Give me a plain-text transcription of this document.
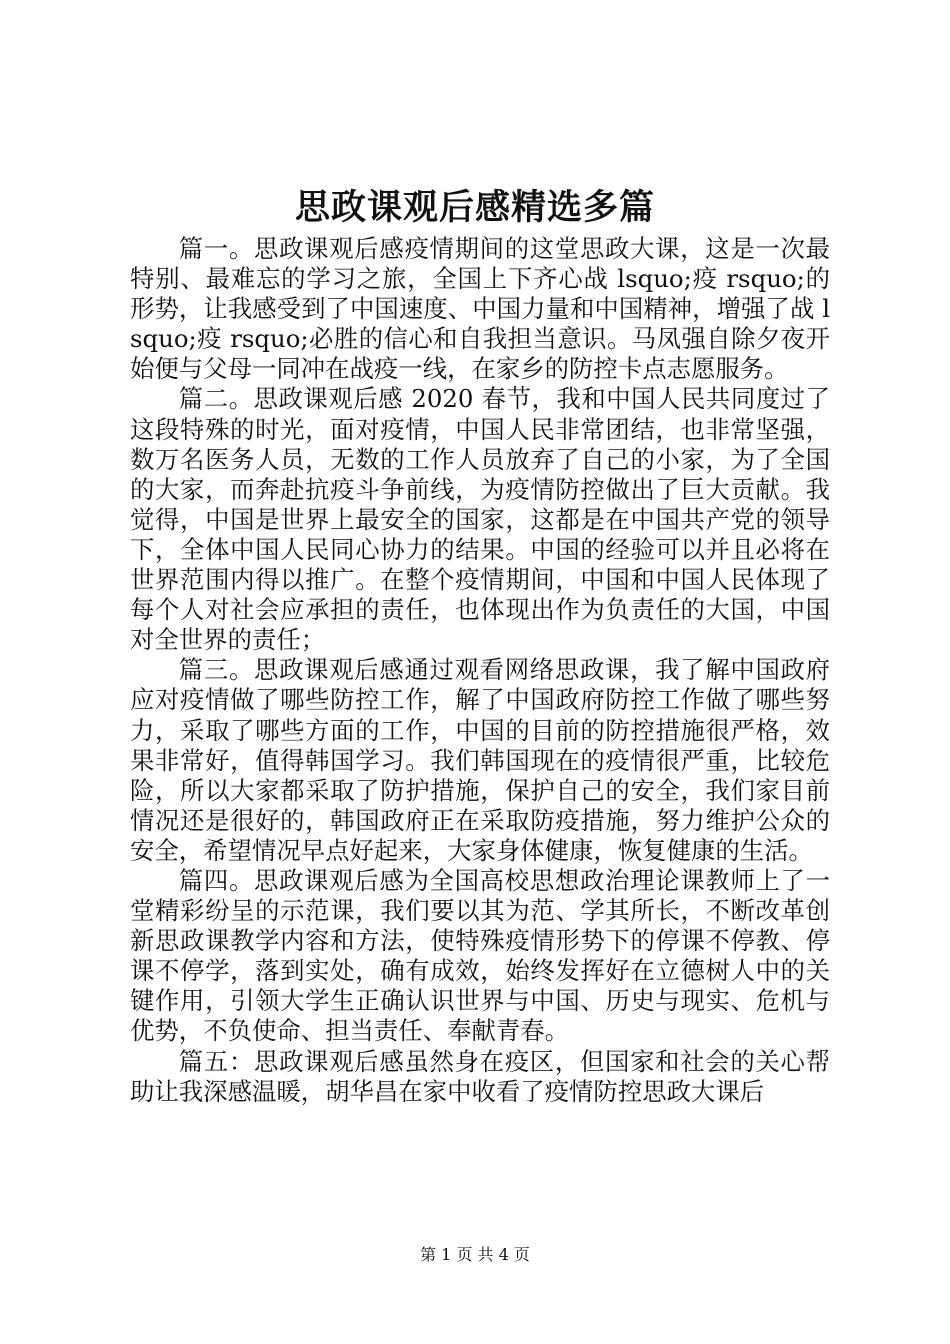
思政课观后感精选多篇

篇一。思政课观后感疫情期间的这堂思政大课，这是一次最特别、最难忘的学习之旅，全国上下齐心战 lsquo;疫 rsquo;的形势，让我感受到了中国速度、中国力量和中国精神，增强了战 lsquo;疫 rsquo;必胜的信心和自我担当意识。马凤强自除夕夜开始便与父母一同冲在战疫一线，在家乡的防控卡点志愿服务。

篇二。思政课观后感 2020 春节，我和中国人民共同度过了这段特殊的时光，面对疫情，中国人民非常团结，也非常坚强，数万名医务人员，无数的工作人员放弃了自己的小家，为了全国的大家，而奔赴抗疫斗争前线，为疫情防控做出了巨大贡献。我觉得，中国是世界上最安全的国家，这都是在中国共产党的领导下，全体中国人民同心协力的结果。中国的经验可以并且必将在世界范围内得以推广。在整个疫情期间，中国和中国人民体现了每个人对社会应承担的责任，也体现出作为负责任的大国，中国对全世界的责任；

篇三。思政课观后感通过观看网络思政课，我了解中国政府应对疫情做了哪些防控工作，解了中国政府防控工作做了哪些努力，采取了哪些方面的工作，中国的目前的防控措施很严格，效果非常好，值得韩国学习。我们韩国现在的疫情很严重，比较危险，所以大家都采取了防护措施，保护自己的安全，我们家目前情况还是很好的，韩国政府正在采取防疫措施，努力维护公众的安全，希望情况早点好起来，大家身体健康，恢复健康的生活。

篇四。思政课观后感为全国高校思想政治理论课教师上了一堂精彩纷呈的示范课，我们要以其为范、学其所长，不断改革创新思政课教学内容和方法，使特殊疫情形势下的停课不停教、停课不停学，落到实处，确有成效，始终发挥好在立德树人中的关键作用，引领大学生正确认识世界与中国、历史与现实、危机与优势，不负使命、担当责任、奉献青春。

篇五：思政课观后感虽然身在疫区，但国家和社会的关心帮助让我深感温暖，胡华昌在家中收看了疫情防控思政大课后

第 1 页 共 4 页
